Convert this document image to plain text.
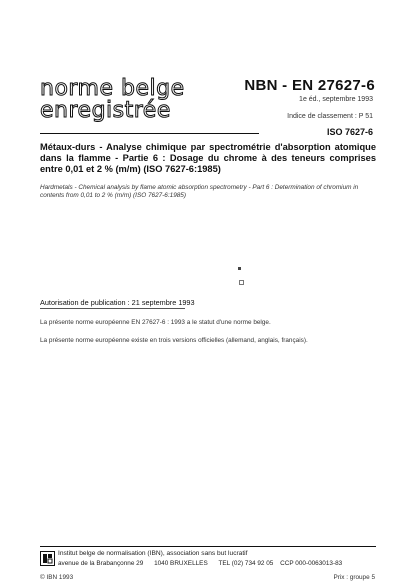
norme belge
enregistrée
NBN - EN 27627-6
1e éd., septembre 1993
Indice de classement : P 51
ISO 7627-6
Métaux-durs - Analyse chimique par spectrométrie d'absorption atomique dans la flamme - Partie 6 : Dosage du chrome à des teneurs comprises entre 0,01 et 2 % (m/m) (ISO 7627-6:1985)
Hardmetals - Chemical analysis by flame atomic absorption spectrometry - Part 6 : Determination of chromium in contents from 0,01 to 2 % (m/m) (ISO 7627-6:1985)
Autorisation de publication : 21 septembre 1993
La présente norme européenne EN 27627-6 : 1993 a le statut d'une norme belge.
La présente norme européenne existe en trois versions officielles (allemand, anglais, français).
Institut belge de normalisation (IBN), association sans but lucratif
avenue de la Brabançonne 29 1040 BRUXELLES TEL (02) 734 92 05 CCP 000-0063013-83
© IBN 1993	Prix : groupe 5
